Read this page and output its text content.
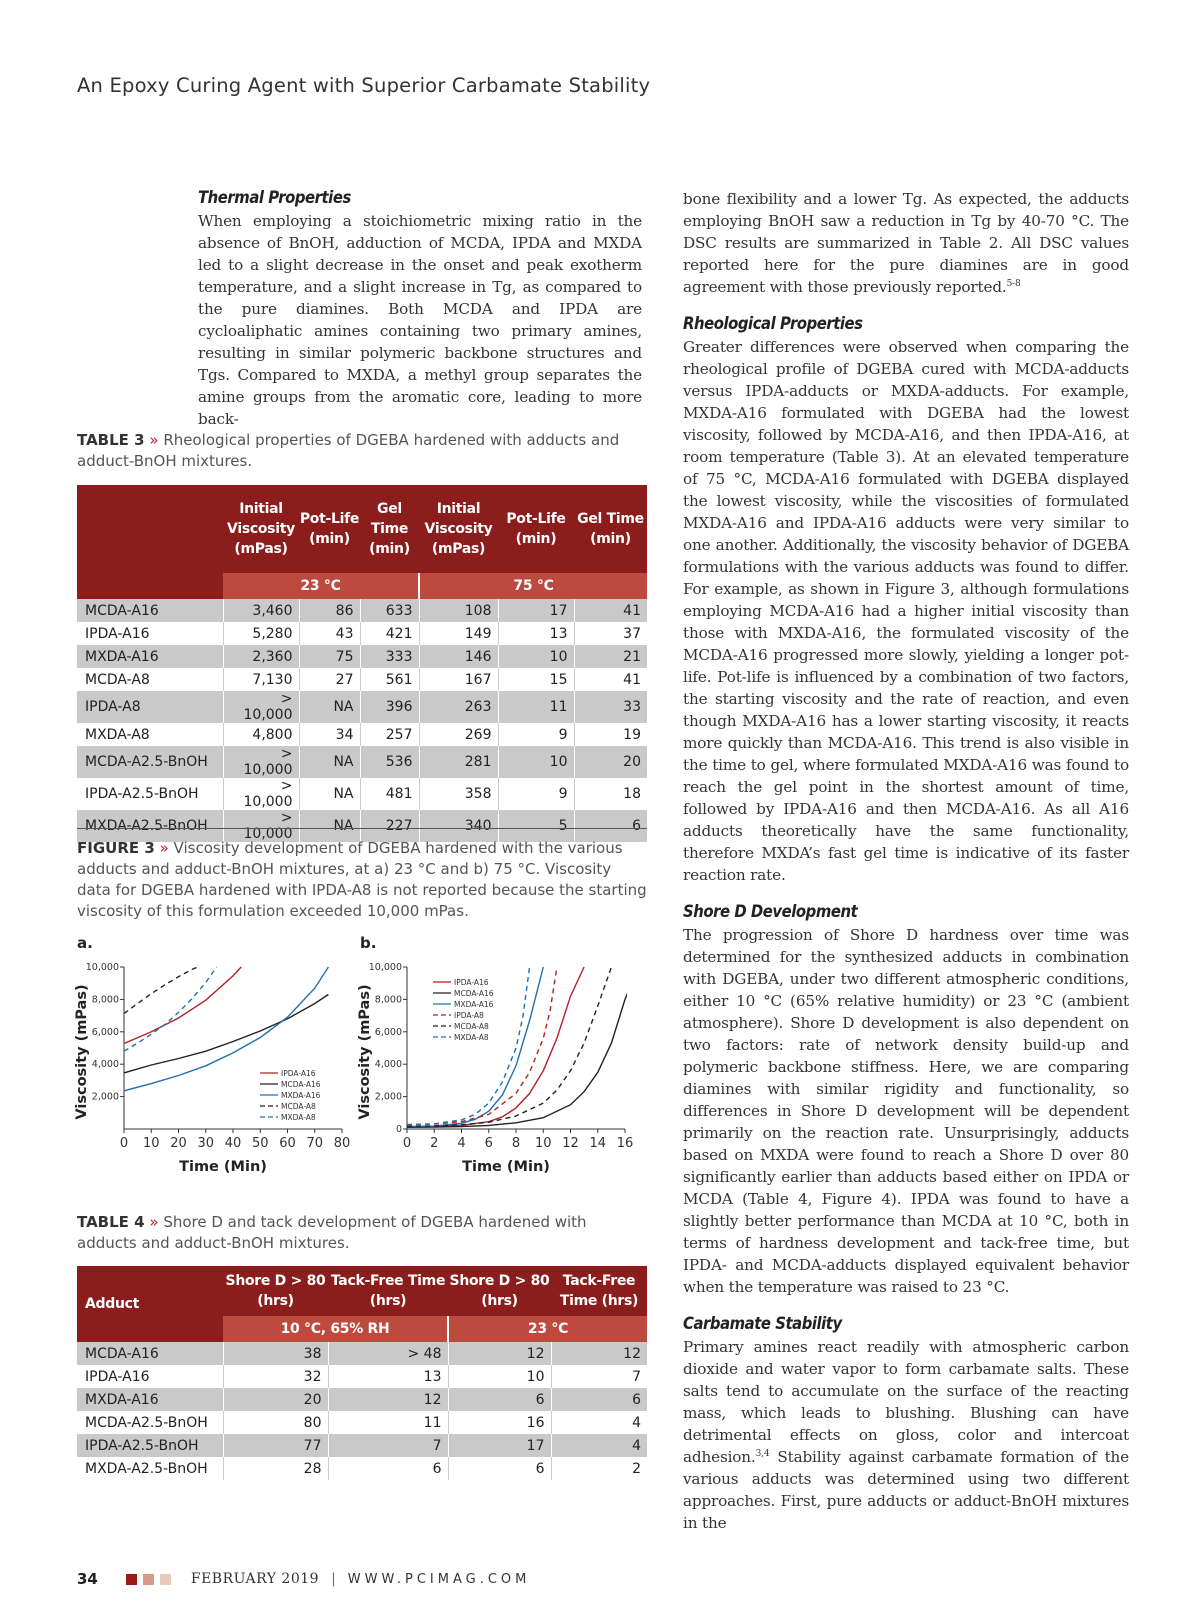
An Epoxy Curing Agent with Superior Carbamate Stability
Thermal Properties

When employing a stoichiometric mixing ratio in the absence of BnOH, adduction of MCDA, IPDA and MXDA led to a slight decrease in the onset and peak exotherm temperature, and a slight increase in Tg, as compared to the pure diamines. Both MCDA and IPDA are cycloaliphatic amines containing two primary amines, resulting in similar polymeric backbone structures and Tgs. Compared to MXDA, a methyl group separates the amine groups from the aromatic core, leading to more back-

bone flexibility and a lower Tg. As expected, the adducts employing BnOH saw a reduction in Tg by 40-70 °C. The DSC results are summarized in Table 2. All DSC values reported here for the pure diamines are in good agreement with those previously reported.$^{5-8}$

Rheological Properties

Greater differences were observed when comparing the rheological profile of DGEBA cured with MCDA-adducts versus IPDA-adducts or MXDA-adducts. For example, MXDA-A16 formulated with DGEBA had the lowest viscosity, followed by MCDA-A16, and then IPDA-A16, at room temperature (Table 3). At an elevated temperature of 75 °C, MCDA-A16 formulated with DGEBA displayed the lowest viscosity, while the viscosities of formulated MXDA-A16 and IPDA-A16 adducts were very similar to one another. Additionally, the viscosity behavior of DGEBA formulations with the various adducts was found to differ. For example, as shown in Figure 3, although formulations employing MCDA-A16 had a higher initial viscosity than those with MXDA-A16, the formulated viscosity of the MCDA-A16 progressed more slowly, yielding a longer pot-life. Pot-life is influenced by a combination of two factors, the starting viscosity and the rate of reaction, and even though MXDA-A16 has a lower starting viscosity, it reacts more quickly than MCDA-A16. This trend is also visible in the time to gel, where formulated MXDA-A16 was found to reach the gel point in the shortest amount of time, followed by IPDA-A16 and then MCDA-A16. As all A16 adducts theoretically have the same functionality, therefore MXDA’s fast gel time is indicative of its faster reaction rate.

Shore D Development

The progression of Shore D hardness over time was determined for the synthesized adducts in combination with DGEBA, under two different atmospheric conditions, either 10 °C (65% relative humidity) or 23 °C (ambient atmosphere). Shore D development is also dependent on two factors: rate of network density build-up and polymeric backbone stiffness. Here, we are comparing diamines with similar rigidity and functionality, so differences in Shore D development will be dependent primarily on the reaction rate. Unsurprisingly, adducts based on MXDA were found to reach a Shore D over 80 significantly earlier than adducts based either on IPDA or MCDA (Table 4, Figure 4). IPDA was found to have a slightly better performance than MCDA at 10 °C, both in terms of hardness development and tack-free time, but IPDA- and MCDA-adducts displayed equivalent behavior when the temperature was raised to 23 °C.

Carbamate Stability

Primary amines react readily with atmospheric carbon dioxide and water vapor to form carbamate salts. These salts tend to accumulate on the surface of the reacting mass, which leads to blushing. Blushing can have detrimental effects on gloss, color and intercoat adhesion.$^{3,4}$ Stability against carbamate formation of the various adducts was determined using two different approaches. First, pure adducts or adduct-BnOH mixtures in the

TABLE 3 » Rheological properties of DGEBA hardened with adducts and adduct-BnOH mixtures.
	Initial Viscosity (mPas)	Pot-Life (min)	Gel Time (min)	Initial Viscosity (mPas)	Pot-Life (min)	Gel Time (min)
	23 °C			75 °C		
MCDA-A16	3,460	86	633	108	17	41
IPDA-A16	5,280	43	421	149	13	37
MXDA-A16	2,360	75	333	146	10	21
MCDA-A8	7,130	27	561	167	15	41
IPDA-A8	> 10,000	NA	396	263	11	33
MXDA-A8	4,800	34	257	269	9	19
MCDA-A2.5-BnOH	> 10,000	NA	536	281	10	20
IPDA-A2.5-BnOH	> 10,000	NA	481	358	9	18
MXDA-A2.5-BnOH	> 10,000	NA	227	340	5	6
FIGURE 3 » Viscosity development of DGEBA hardened with the various adducts and adduct-BnOH mixtures, at a) 23 °C and b) 75 °C. Viscosity data for DGEBA hardened with IPDA-A8 is not reported because the starting viscosity of this formulation exceeded 10,000 mPas.
a.	b.
0 10 20 30 40 50 60 70 80
2,000
4,000
6,000
8,000
10,000
Time (Min)
Viscosity (mPas)	IPDA-A16
MCDA-A16
MXDA-A16
MCDA-A8
MXDA-A8
0 2 4 6 8 10 12 14 16
0
2,000
4,000
6,000
8,000
10,000
Time (Min)
Viscosity (mPas)
IPDA-A16
MCDA-A16
MXDA-A16
IPDA-A8
MCDA-A8
MXDA-A8
TABLE 4 » Shore D and tack development of DGEBA hardened with adducts and adduct-BnOH mixtures.
Adduct	Shore D > 80 (hrs)	Tack-Free Time (hrs)	Shore D > 80 (hrs)	Tack-Free Time (hrs)
	10 °C, 65% RH		23 °C	
MCDA-A16	38	> 48	12	12
IPDA-A16	32	13	10	7
MXDA-A16	20	12	6	6
MCDA-A2.5-BnOH	80	11	16	4
IPDA-A2.5-BnOH	77	7	17	4
MXDA-A2.5-BnOH	28	6	6	2
34	FEBRUARY 2019 | WWW.PCIMAG.COM
